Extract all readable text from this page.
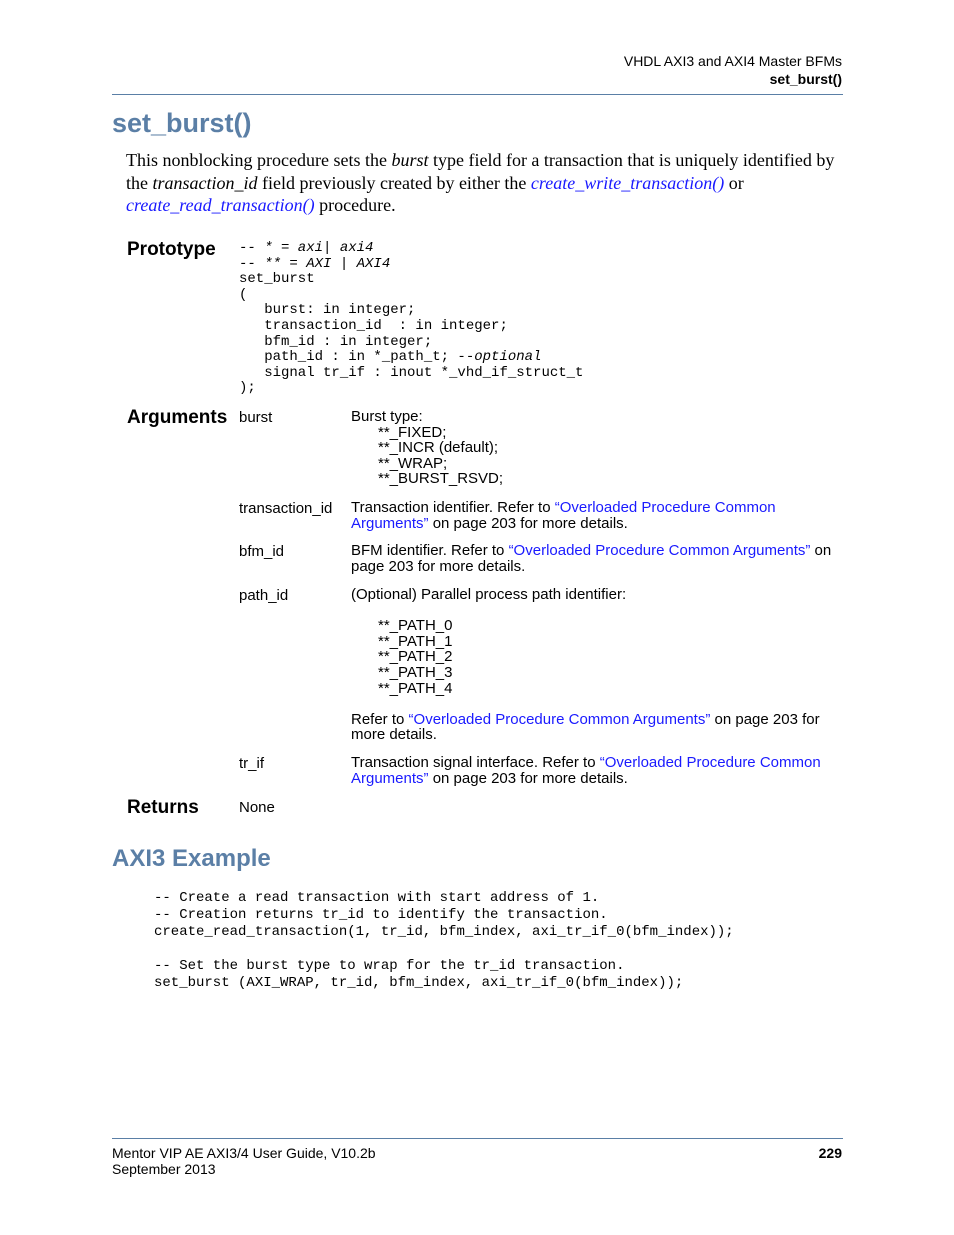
VHDL AXI3 and AXI4 Master BFMs
set_burst()
set_burst()
This nonblocking procedure sets the burst type field for a transaction that is uniquely identified by the transaction_id field previously created by either the create_write_transaction() or create_read_transaction() procedure.
Prototype -- * = axi| axi4
-- ** = AXI | AXI4
set_burst
(
burst: in integer;
transaction_id  : in integer;
bfm_id : in integer;
path_id : in *_path_t; --optional
signal tr_if : inout *_vhd_if_struct_t
);
Arguments burst	Burst type:
**_FIXED;
**_INCR (default);
**_WRAP;
**_BURST_RSVD;
transaction_id Transaction identifier. Refer to “Overloaded Procedure Common Arguments” on page 203 for more details.
bfm_id	BFM identifier. Refer to “Overloaded Procedure Common Arguments” on page 203 for more details.
path_id	(Optional) Parallel process path identifier:
**_PATH_0
**_PATH_1
**_PATH_2
**_PATH_3
**_PATH_4
Refer to “Overloaded Procedure Common Arguments” on page 203 for more details.
tr_if	Transaction signal interface. Refer to “Overloaded Procedure Common Arguments” on page 203 for more details.
Returns	None
AXI3 Example
-- Create a read transaction with start address of 1.
-- Creation returns tr_id to identify the transaction.
create_read_transaction(1, tr_id, bfm_index, axi_tr_if_0(bfm_index));

-- Set the burst type to wrap for the tr_id transaction.
set_burst (AXI_WRAP, tr_id, bfm_index, axi_tr_if_0(bfm_index));
Mentor VIP AE AXI3/4 User Guide, V10.2b
September 2013
229
